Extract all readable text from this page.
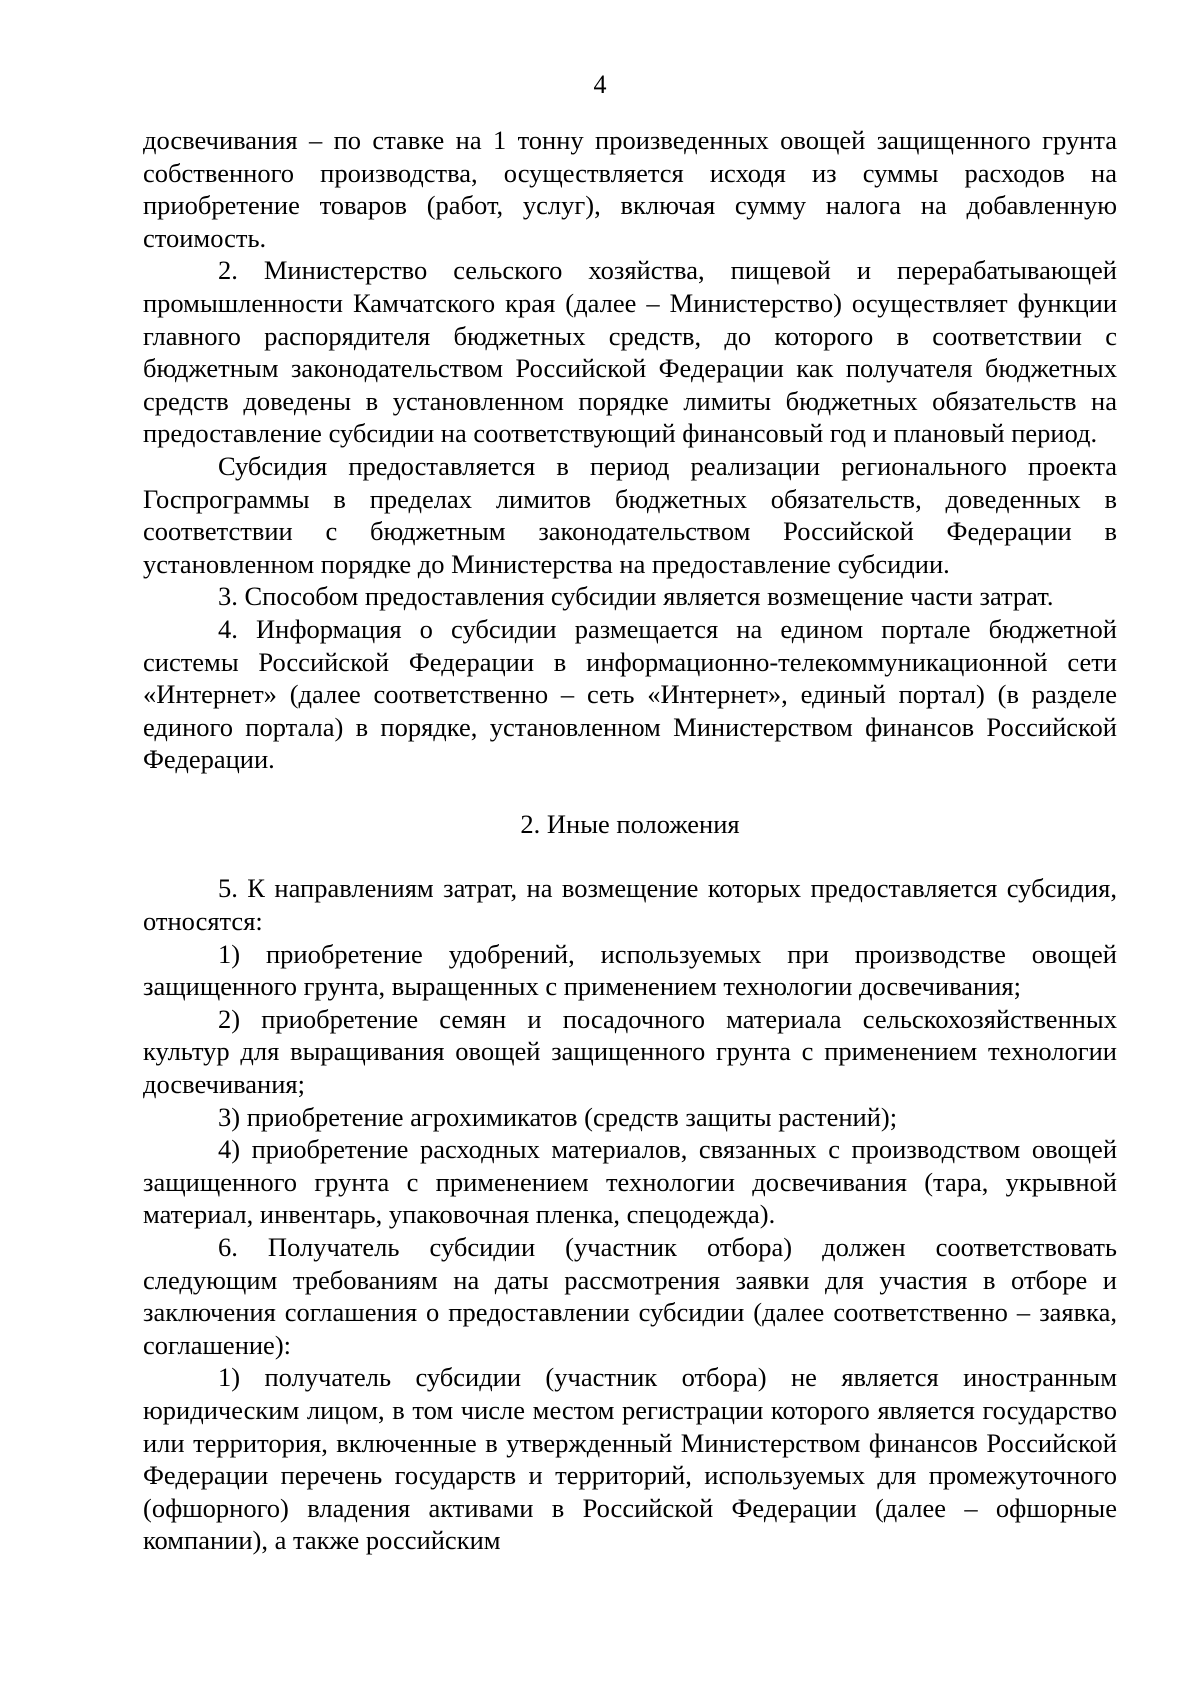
4

досвечивания – по ставке на 1 тонну произведенных овощей защищенного грунта собственного производства, осуществляется исходя из суммы расходов на приобретение товаров (работ, услуг), включая сумму налога на добавленную стоимость.

2. Министерство сельского хозяйства, пищевой и перерабатывающей промышленности Камчатского края (далее – Министерство) осуществляет функции главного распорядителя бюджетных средств, до которого в соответствии с бюджетным законодательством Российской Федерации как получателя бюджетных средств доведены в установленном порядке лимиты бюджетных обязательств на предоставление субсидии на соответствующий финансовый год и плановый период.

Субсидия предоставляется в период реализации регионального проекта Госпрограммы в пределах лимитов бюджетных обязательств, доведенных в соответствии с бюджетным законодательством Российской Федерации в установленном порядке до Министерства на предоставление субсидии.

3. Способом предоставления субсидии является возмещение части затрат.

4. Информация о субсидии размещается на едином портале бюджетной системы Российской Федерации в информационно-телекоммуникационной сети «Интернет» (далее соответственно – сеть «Интернет», единый портал) (в разделе единого портала) в порядке, установленном Министерством финансов Российской Федерации.

2. Иные положения

5. К направлениям затрат, на возмещение которых предоставляется субсидия, относятся:

1) приобретение удобрений, используемых при производстве овощей защищенного грунта, выращенных с применением технологии досвечивания;

2) приобретение семян и посадочного материала сельскохозяйственных культур для выращивания овощей защищенного грунта с применением технологии досвечивания;

3) приобретение агрохимикатов (средств защиты растений);

4) приобретение расходных материалов, связанных с производством овощей защищенного грунта с применением технологии досвечивания (тара, укрывной материал, инвентарь, упаковочная пленка, спецодежда).

6. Получатель субсидии (участник отбора) должен соответствовать следующим требованиям на даты рассмотрения заявки для участия в отборе и заключения соглашения о предоставлении субсидии (далее соответственно – заявка, соглашение):

1) получатель субсидии (участник отбора) не является иностранным юридическим лицом, в том числе местом регистрации которого является государство или территория, включенные в утвержденный Министерством финансов Российской Федерации перечень государств и территорий, используемых для промежуточного (офшорного) владения активами в Российской Федерации (далее – офшорные компании), а также российским
